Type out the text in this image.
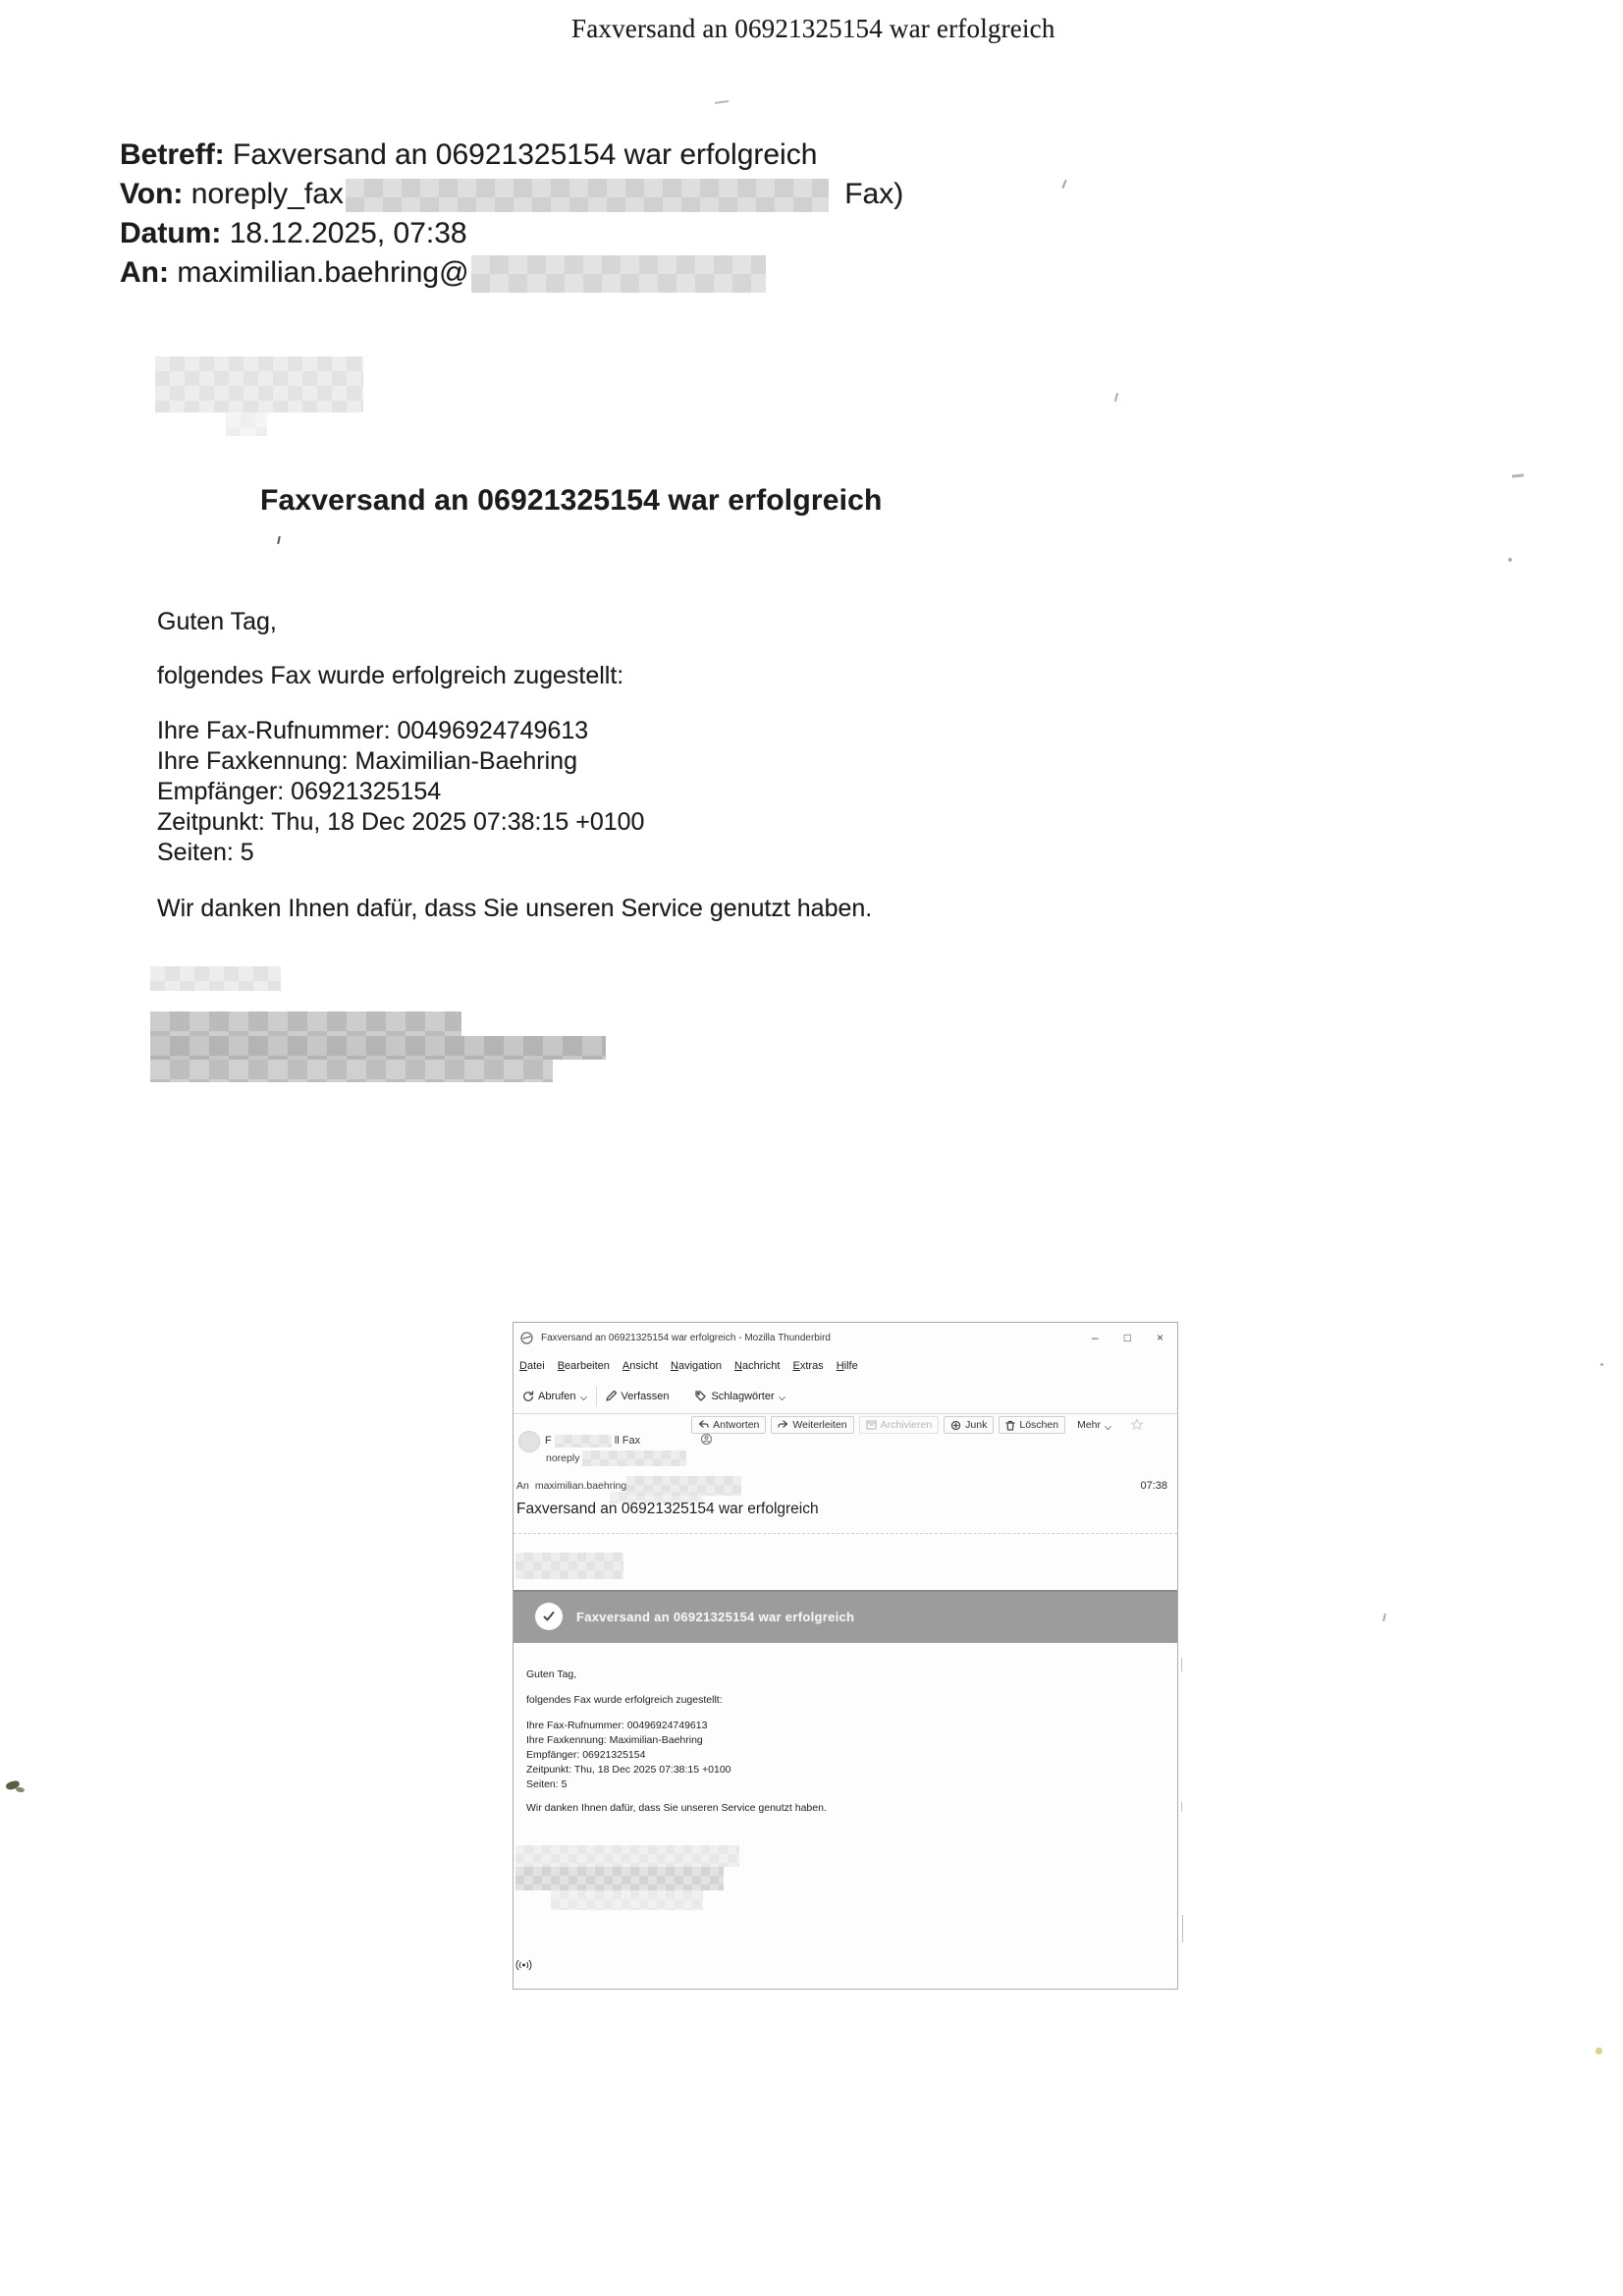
Faxversand an 06921325154 war erfolgreich
Betreff: Faxversand an 06921325154 war erfolgreich
Von: noreply_fax	Fax)
Datum: 18.12.2025, 07:38
An: maximilian.baehring@
Faxversand an 06921325154 war erfolgreich
Guten Tag,
folgendes Fax wurde erfolgreich zugestellt:
Ihre Fax-Rufnummer: 00496924749613
Ihre Faxkennung: Maximilian-Baehring
Empfänger: 06921325154
Zeitpunkt: Thu, 18 Dec 2025 07:38:15 +0100
Seiten: 5
Wir danken Ihnen dafür, dass Sie unseren Service genutzt haben.
Faxversand an 06921325154 war erfolgreich - Mozilla Thunderbird	– □ ×
Datei Bearbeiten Ansicht Navigation Nachricht Extras Hilfe
Abrufen	Verfassen	Schlagwörter
Antworten	Weiterleiten	Archivieren	Junk	Löschen Mehr
F	ll Fax
noreply
An maximilian.baehring	07:38
Faxversand an 06921325154 war erfolgreich
Faxversand an 06921325154 war erfolgreich
Guten Tag,
folgendes Fax wurde erfolgreich zugestellt:
Ihre Fax-Rufnummer: 00496924749613
Ihre Faxkennung: Maximilian-Baehring
Empfänger: 06921325154
Zeitpunkt: Thu, 18 Dec 2025 07:38:15 +0100
Seiten: 5
Wir danken Ihnen dafür, dass Sie unseren Service genutzt haben.
